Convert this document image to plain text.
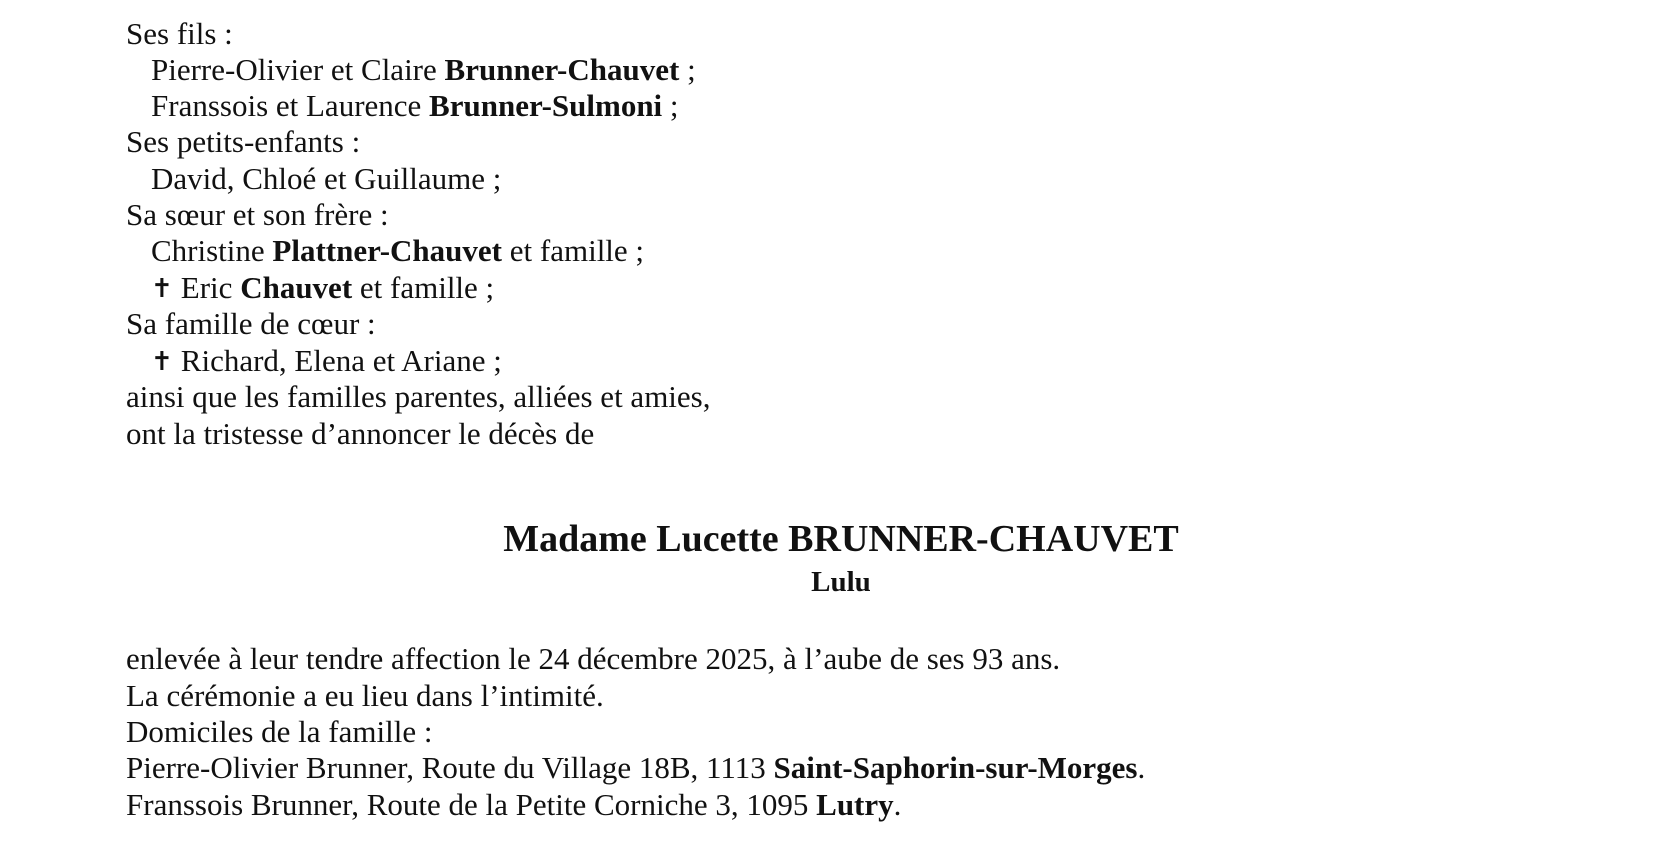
Ses fils :
Pierre-Olivier et Claire Brunner-Chauvet ;
Franssois et Laurence Brunner-Sulmoni ;
Ses petits-enfants :
David, Chloé et Guillaume ;
Sa sœur et son frère :
Christine Plattner-Chauvet et famille ;
✝ Eric Chauvet et famille ;
Sa famille de cœur :
✝ Richard, Elena et Ariane ;
ainsi que les familles parentes, alliées et amies,
ont la tristesse d’annoncer le décès de
Madame Lucette BRUNNER-CHAUVET
Lulu
enlevée à leur tendre affection le 24 décembre 2025, à l’aube de ses 93 ans.
La cérémonie a eu lieu dans l’intimité.
Domiciles de la famille :
Pierre-Olivier Brunner, Route du Village 18B, 1113 Saint-Saphorin-sur-Morges.
Franssois Brunner, Route de la Petite Corniche 3, 1095 Lutry.
